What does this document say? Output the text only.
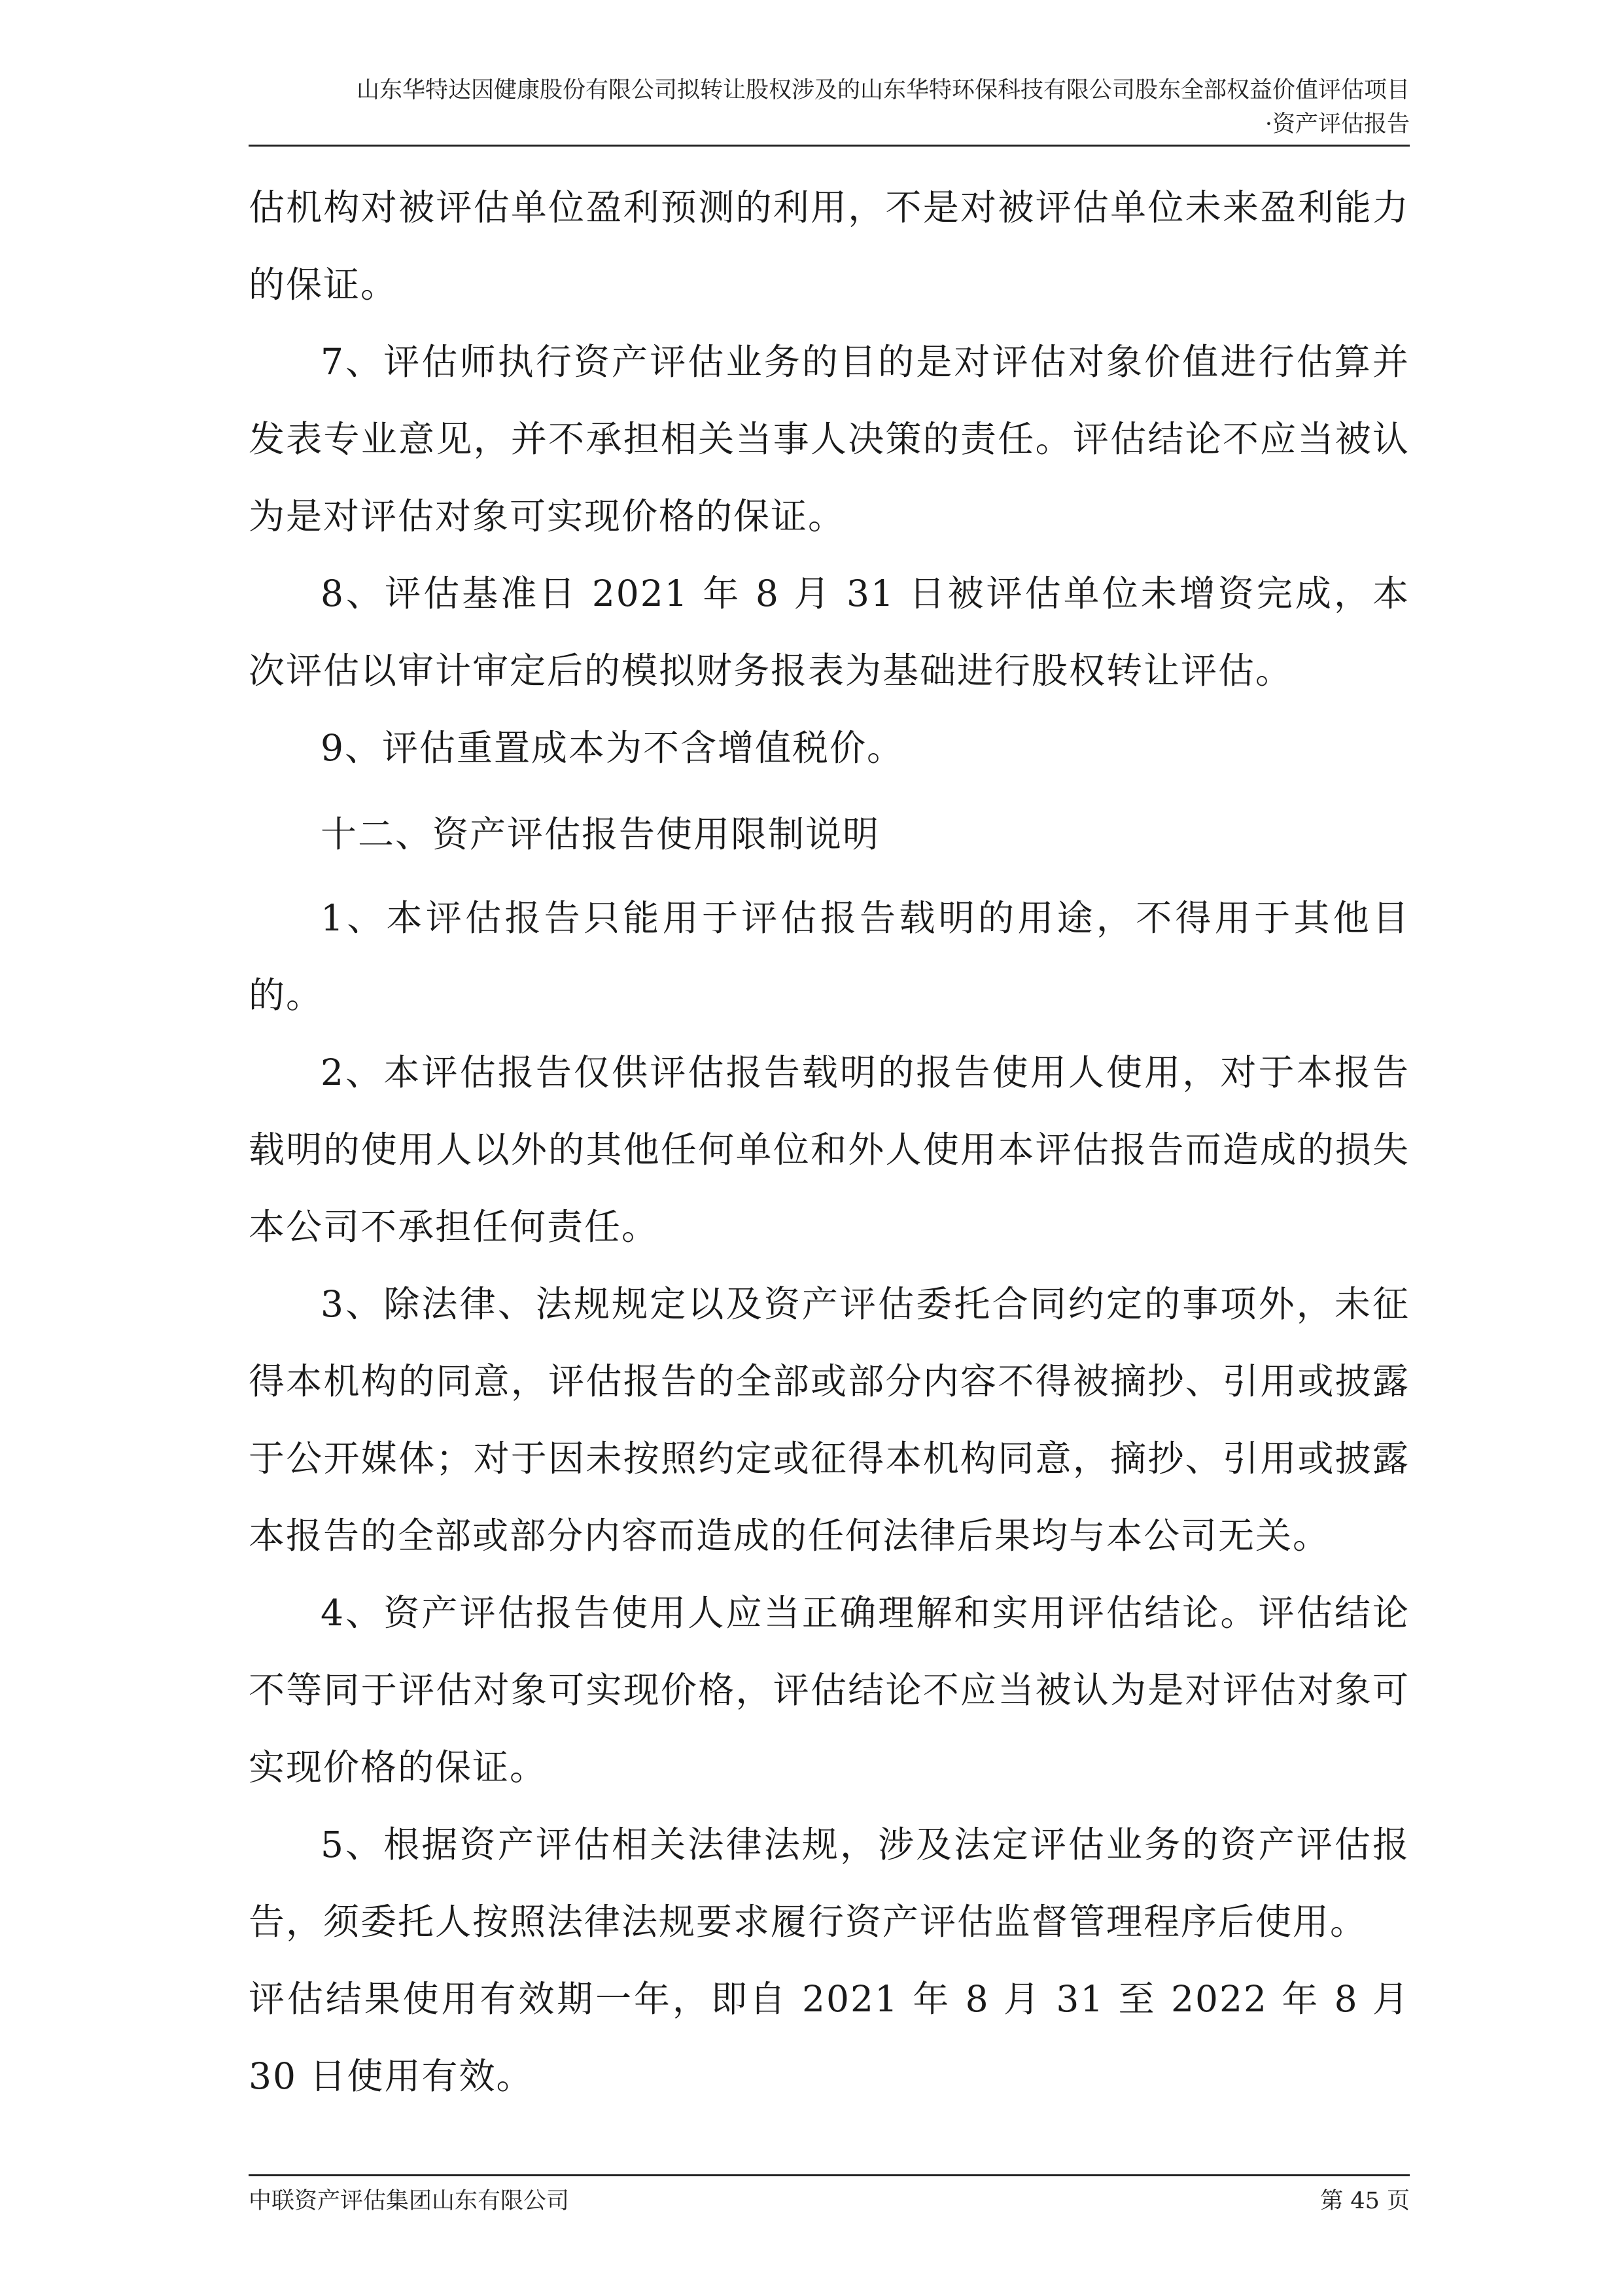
山东华特达因健康股份有限公司拟转让股权涉及的山东华特环保科技有限公司股东全部权益价值评估项目
·资产评估报告

估机构对被评估单位盈利预测的利用，不是对被评估单位未来盈利能力的保证。

7、评估师执行资产评估业务的目的是对评估对象价值进行估算并发表专业意见，并不承担相关当事人决策的责任。评估结论不应当被认为是对评估对象可实现价格的保证。

8、评估基准日 2021 年 8 月 31 日被评估单位未增资完成，本次评估以审计审定后的模拟财务报表为基础进行股权转让评估。

9、评估重置成本为不含增值税价。

十二、资产评估报告使用限制说明

1、本评估报告只能用于评估报告载明的用途，不得用于其他目的。

2、本评估报告仅供评估报告载明的报告使用人使用，对于本报告载明的使用人以外的其他任何单位和外人使用本评估报告而造成的损失本公司不承担任何责任。

3、除法律、法规规定以及资产评估委托合同约定的事项外，未征得本机构的同意，评估报告的全部或部分内容不得被摘抄、引用或披露于公开媒体；对于因未按照约定或征得本机构同意，摘抄、引用或披露本报告的全部或部分内容而造成的任何法律后果均与本公司无关。

4、资产评估报告使用人应当正确理解和实用评估结论。评估结论不等同于评估对象可实现价格，评估结论不应当被认为是对评估对象可实现价格的保证。

5、根据资产评估相关法律法规，涉及法定评估业务的资产评估报告，须委托人按照法律法规要求履行资产评估监督管理程序后使用。

评估结果使用有效期一年，即自 2021 年 8 月 31 至 2022 年 8 月 30 日使用有效。

中联资产评估集团山东有限公司	第 45 页
